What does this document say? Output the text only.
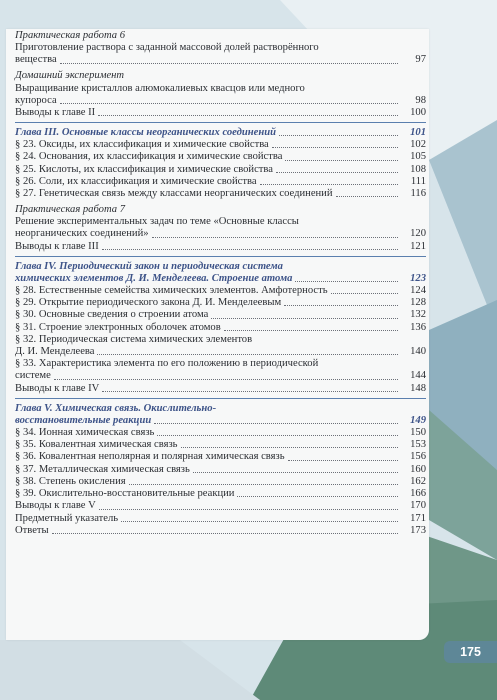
Практическая работа 6
Приготовление раствора с заданной массовой долей растворённого
вещества	97
Домашний эксперимент
Выращивание кристаллов алюмокалиевых квасцов или медного
купороса	98
Выводы к главе II	100
Глава III. Основные классы неорганических соединений	101
§ 23. Оксиды, их классификация и химические свойства	102
§ 24. Основания, их классификация и химические свойства	105
§ 25. Кислоты, их классификация и химические свойства	108
§ 26. Соли, их классификация и химические свойства	111
§ 27. Генетическая связь между классами неорганических соединений	116
Практическая работа 7
Решение экспериментальных задач по теме «Основные классы
неорганических соединений»	120
Выводы к главе III	121
Глава IV. Периодический закон и периодическая система
химических элементов Д. И. Менделеева. Строение атома	123
§ 28. Естественные семейства химических элементов. Амфотерность	124
§ 29. Открытие периодического закона Д. И. Менделеевым	128
§ 30. Основные сведения о строении атома	132
§ 31. Строение электронных оболочек атомов	136
§ 32. Периодическая система химических элементов
Д. И. Менделеева	140
§ 33. Характеристика элемента по его положению в периодической
системе	144
Выводы к главе IV	148
Глава V. Химическая связь. Окислительно-
восстановительные реакции	149
§ 34. Ионная химическая связь	150
§ 35. Ковалентная химическая связь	153
§ 36. Ковалентная неполярная и полярная химическая связь	156
§ 37. Металлическая химическая связь	160
§ 38. Степень окисления	162
§ 39. Окислительно-восстановительные реакции	166
Выводы к главе V	170
Предметный указатель	171
Ответы	173
175
